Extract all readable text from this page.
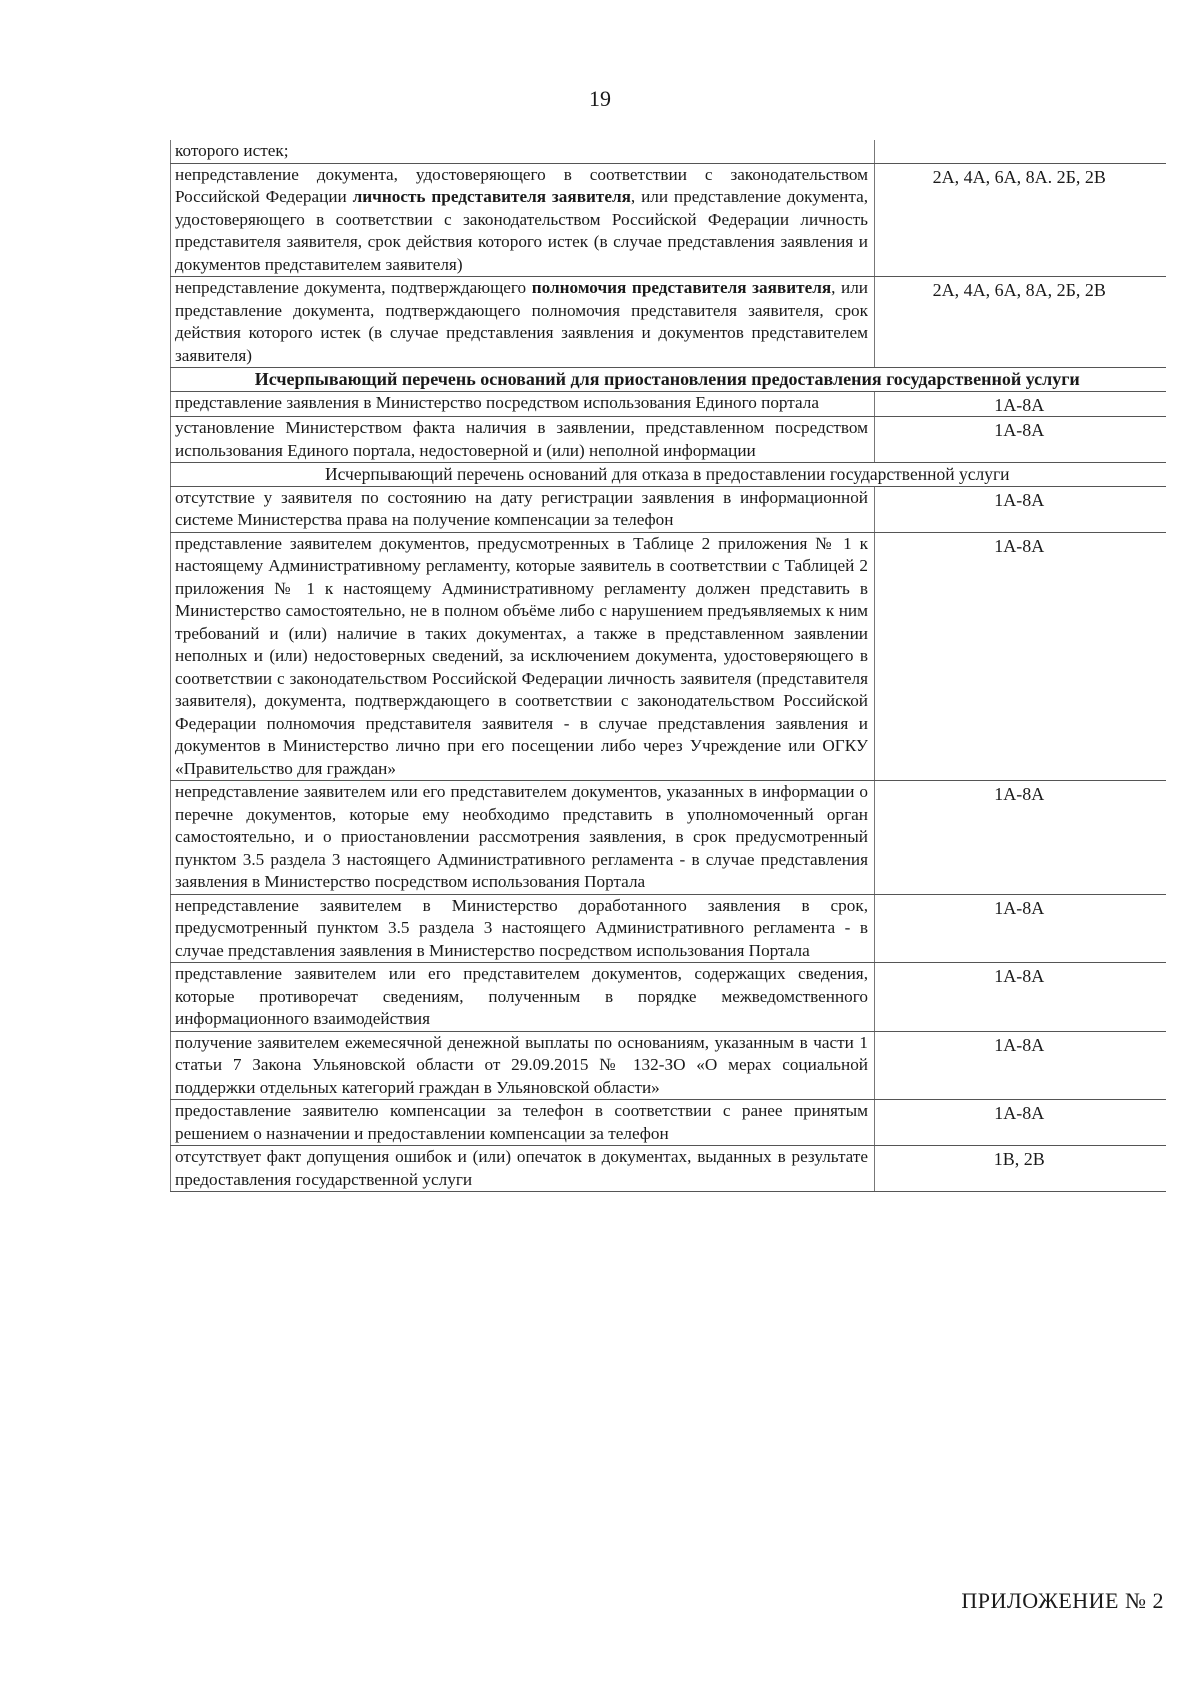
19
которого истек;	
непредставление документа, удостоверяющего в соответствии с законодательством Российской Федерации личность представителя заявителя, или представление документа, удостоверяющего в соответствии с законодательством Российской Федерации личность представителя заявителя, срок действия которого истек (в случае представления заявления и документов представителем заявителя)	2А, 4А, 6А, 8А. 2Б, 2В
непредставление документа, подтверждающего полномочия представителя заявителя, или представление документа, подтверждающего полномочия представителя заявителя, срок действия которого истек (в случае представления заявления и документов представителем заявителя)	2А, 4А, 6А, 8А, 2Б, 2В
Исчерпывающий перечень оснований для приостановления предоставления государственной услуги	
представление заявления в Министерство посредством использования Единого портала	1А-8А
установление Министерством факта наличия в заявлении, представленном посредством использования Единого портала, недостоверной и (или) неполной информации	1А-8А
Исчерпывающий перечень оснований для отказа в предоставлении государственной услуги	
отсутствие у заявителя по состоянию на дату регистрации заявления в информационной системе Министерства права на получение компенсации за телефон	1А-8А
представление заявителем документов, предусмотренных в Таблице 2 приложения № 1 к настоящему Административному регламенту, которые заявитель в соответствии с Таблицей 2 приложения № 1 к настоящему Административному регламенту должен представить в Министерство самостоятельно, не в полном объёме либо с нарушением предъявляемых к ним требований и (или) наличие в таких документах, а также в представленном заявлении неполных и (или) недостоверных сведений, за исключением документа, удостоверяющего в соответствии с законодательством Российской Федерации личность заявителя (представителя заявителя), документа, подтверждающего в соответствии с законодательством Российской Федерации полномочия представителя заявителя - в случае представления заявления и документов в Министерство лично при его посещении либо через Учреждение или ОГКУ «Правительство для граждан»	1А-8А
непредставление заявителем или его представителем документов, указанных в информации о перечне документов, которые ему необходимо представить в уполномоченный орган самостоятельно, и о приостановлении рассмотрения заявления, в срок предусмотренный пунктом 3.5 раздела 3 настоящего Административного регламента - в случае представления заявления в Министерство посредством использования Портала	1А-8А
непредставление заявителем в Министерство доработанного заявления в срок, предусмотренный пунктом 3.5 раздела 3 настоящего Административного регламента - в случае представления заявления в Министерство посредством использования Портала	1А-8А
представление заявителем или его представителем документов, содержащих сведения, которые противоречат сведениям, полученным в порядке межведомственного информационного взаимодействия	1А-8А
получение заявителем ежемесячной денежной выплаты по основаниям, указанным в части 1 статьи 7 Закона Ульяновской области от 29.09.2015 № 132-ЗО «О мерах социальной поддержки отдельных категорий граждан в Ульяновской области»	1А-8А
предоставление заявителю компенсации за телефон в соответствии с ранее принятым решением о назначении и предоставлении компенсации за телефон	1А-8А
отсутствует факт допущения ошибок и (или) опечаток в документах, выданных в результате предоставления государственной услуги	1В, 2В
ПРИЛОЖЕНИЕ № 2
